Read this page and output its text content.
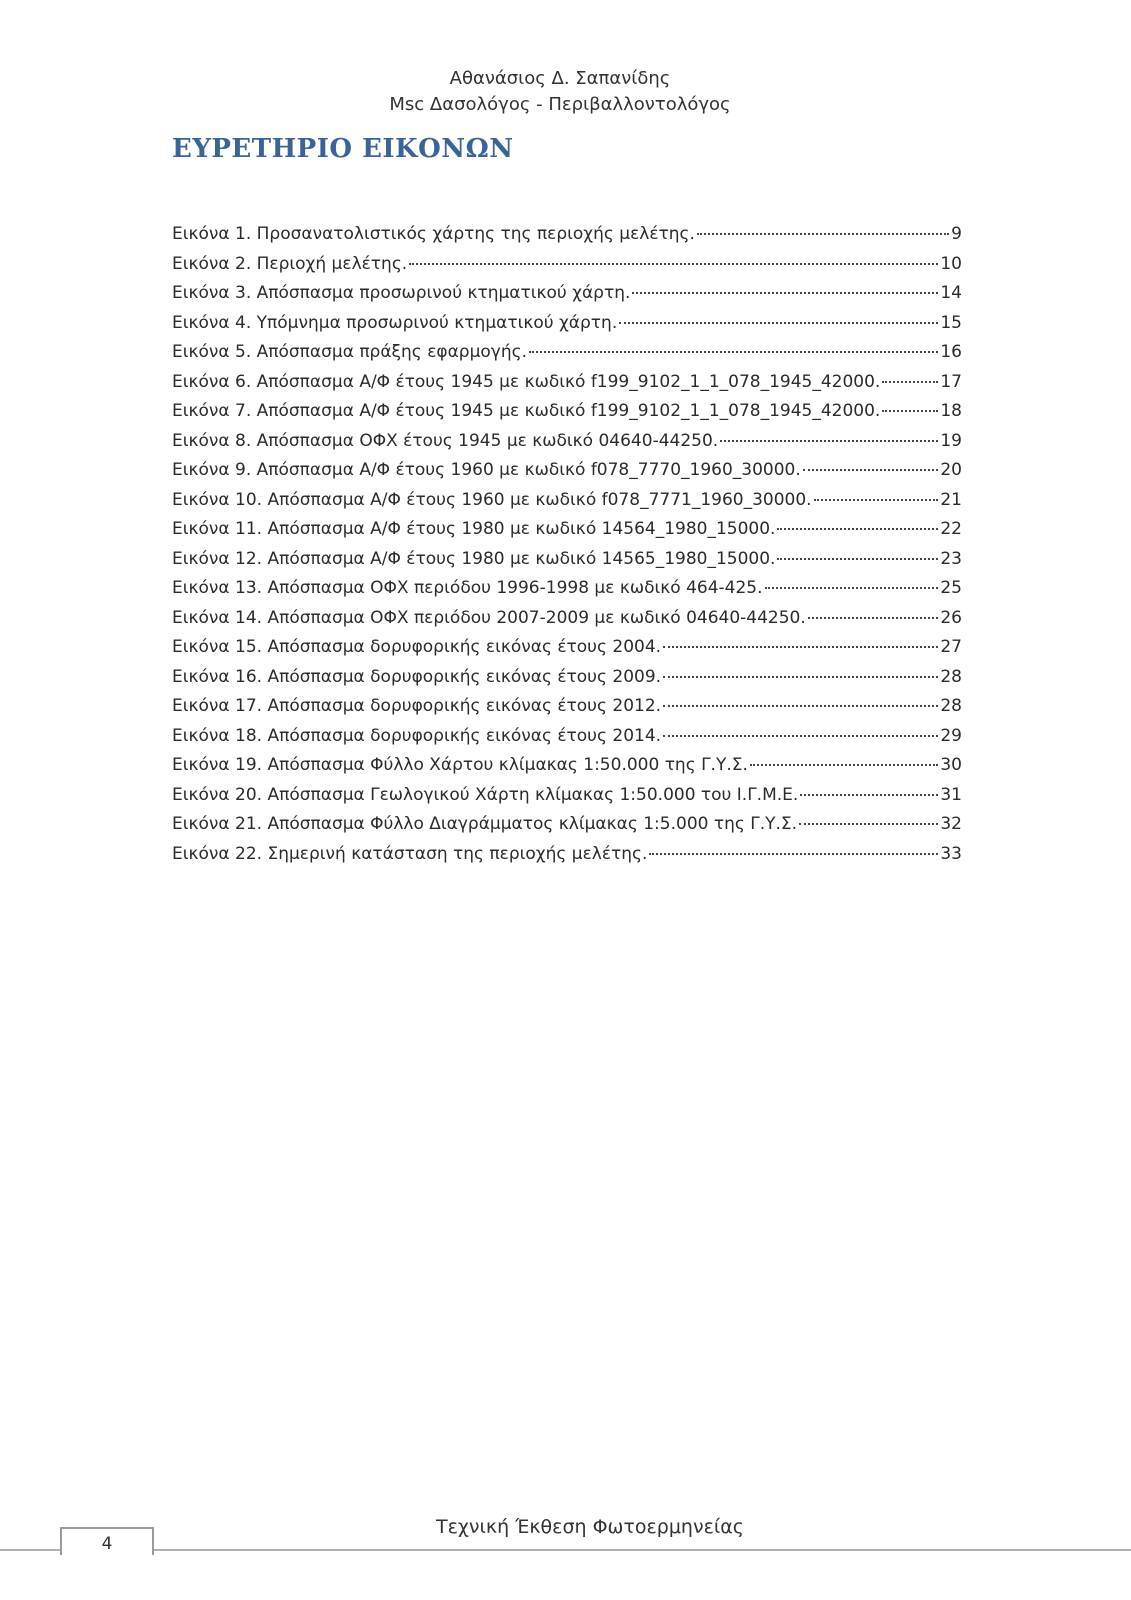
Αθανάσιος Δ. Σαπανίδης
Msc Δασολόγος - Περιβαλλοντολόγος
ΕΥΡΕΤΗΡΙΟ ΕΙΚΟΝΩΝ
Εικόνα 1. Προσανατολιστικός χάρτης της περιοχής μελέτης.	9
Εικόνα 2. Περιοχή μελέτης.	10
Εικόνα 3. Απόσπασμα προσωρινού κτηματικού χάρτη.	14
Εικόνα 4. Υπόμνημα προσωρινού κτηματικού χάρτη.	15
Εικόνα 5. Απόσπασμα πράξης εφαρμογής.	16
Εικόνα 6. Απόσπασμα Α/Φ έτους 1945 με κωδικό f199_9102_1_1_078_1945_42000.	17
Εικόνα 7. Απόσπασμα Α/Φ έτους 1945 με κωδικό f199_9102_1_1_078_1945_42000.	18
Εικόνα 8. Απόσπασμα ΟΦΧ έτους 1945 με κωδικό 04640-44250.	19
Εικόνα 9. Απόσπασμα Α/Φ έτους 1960 με κωδικό f078_7770_1960_30000.	20
Εικόνα 10. Απόσπασμα Α/Φ έτους 1960 με κωδικό f078_7771_1960_30000.	21
Εικόνα 11. Απόσπασμα Α/Φ έτους 1980 με κωδικό 14564_1980_15000.	22
Εικόνα 12. Απόσπασμα Α/Φ έτους 1980 με κωδικό 14565_1980_15000.	23
Εικόνα 13. Απόσπασμα ΟΦΧ περιόδου 1996-1998 με κωδικό 464-425.	25
Εικόνα 14. Απόσπασμα ΟΦΧ περιόδου 2007-2009 με κωδικό 04640-44250.	26
Εικόνα 15. Απόσπασμα δορυφορικής εικόνας έτους 2004.	27
Εικόνα 16. Απόσπασμα δορυφορικής εικόνας έτους 2009.	28
Εικόνα 17. Απόσπασμα δορυφορικής εικόνας έτους 2012.	28
Εικόνα 18. Απόσπασμα δορυφορικής εικόνας έτους 2014.	29
Εικόνα 19. Απόσπασμα Φύλλο Χάρτου κλίμακας 1:50.000 της Γ.Υ.Σ.	30
Εικόνα 20. Απόσπασμα Γεωλογικού Χάρτη κλίμακας 1:50.000 του Ι.Γ.Μ.Ε.	31
Εικόνα 21. Απόσπασμα Φύλλο Διαγράμματος κλίμακας 1:5.000 της Γ.Υ.Σ.	32
Εικόνα 22. Σημερινή κατάσταση της περιοχής μελέτης.	33
4
Τεχνική Έκθεση Φωτοερμηνείας
